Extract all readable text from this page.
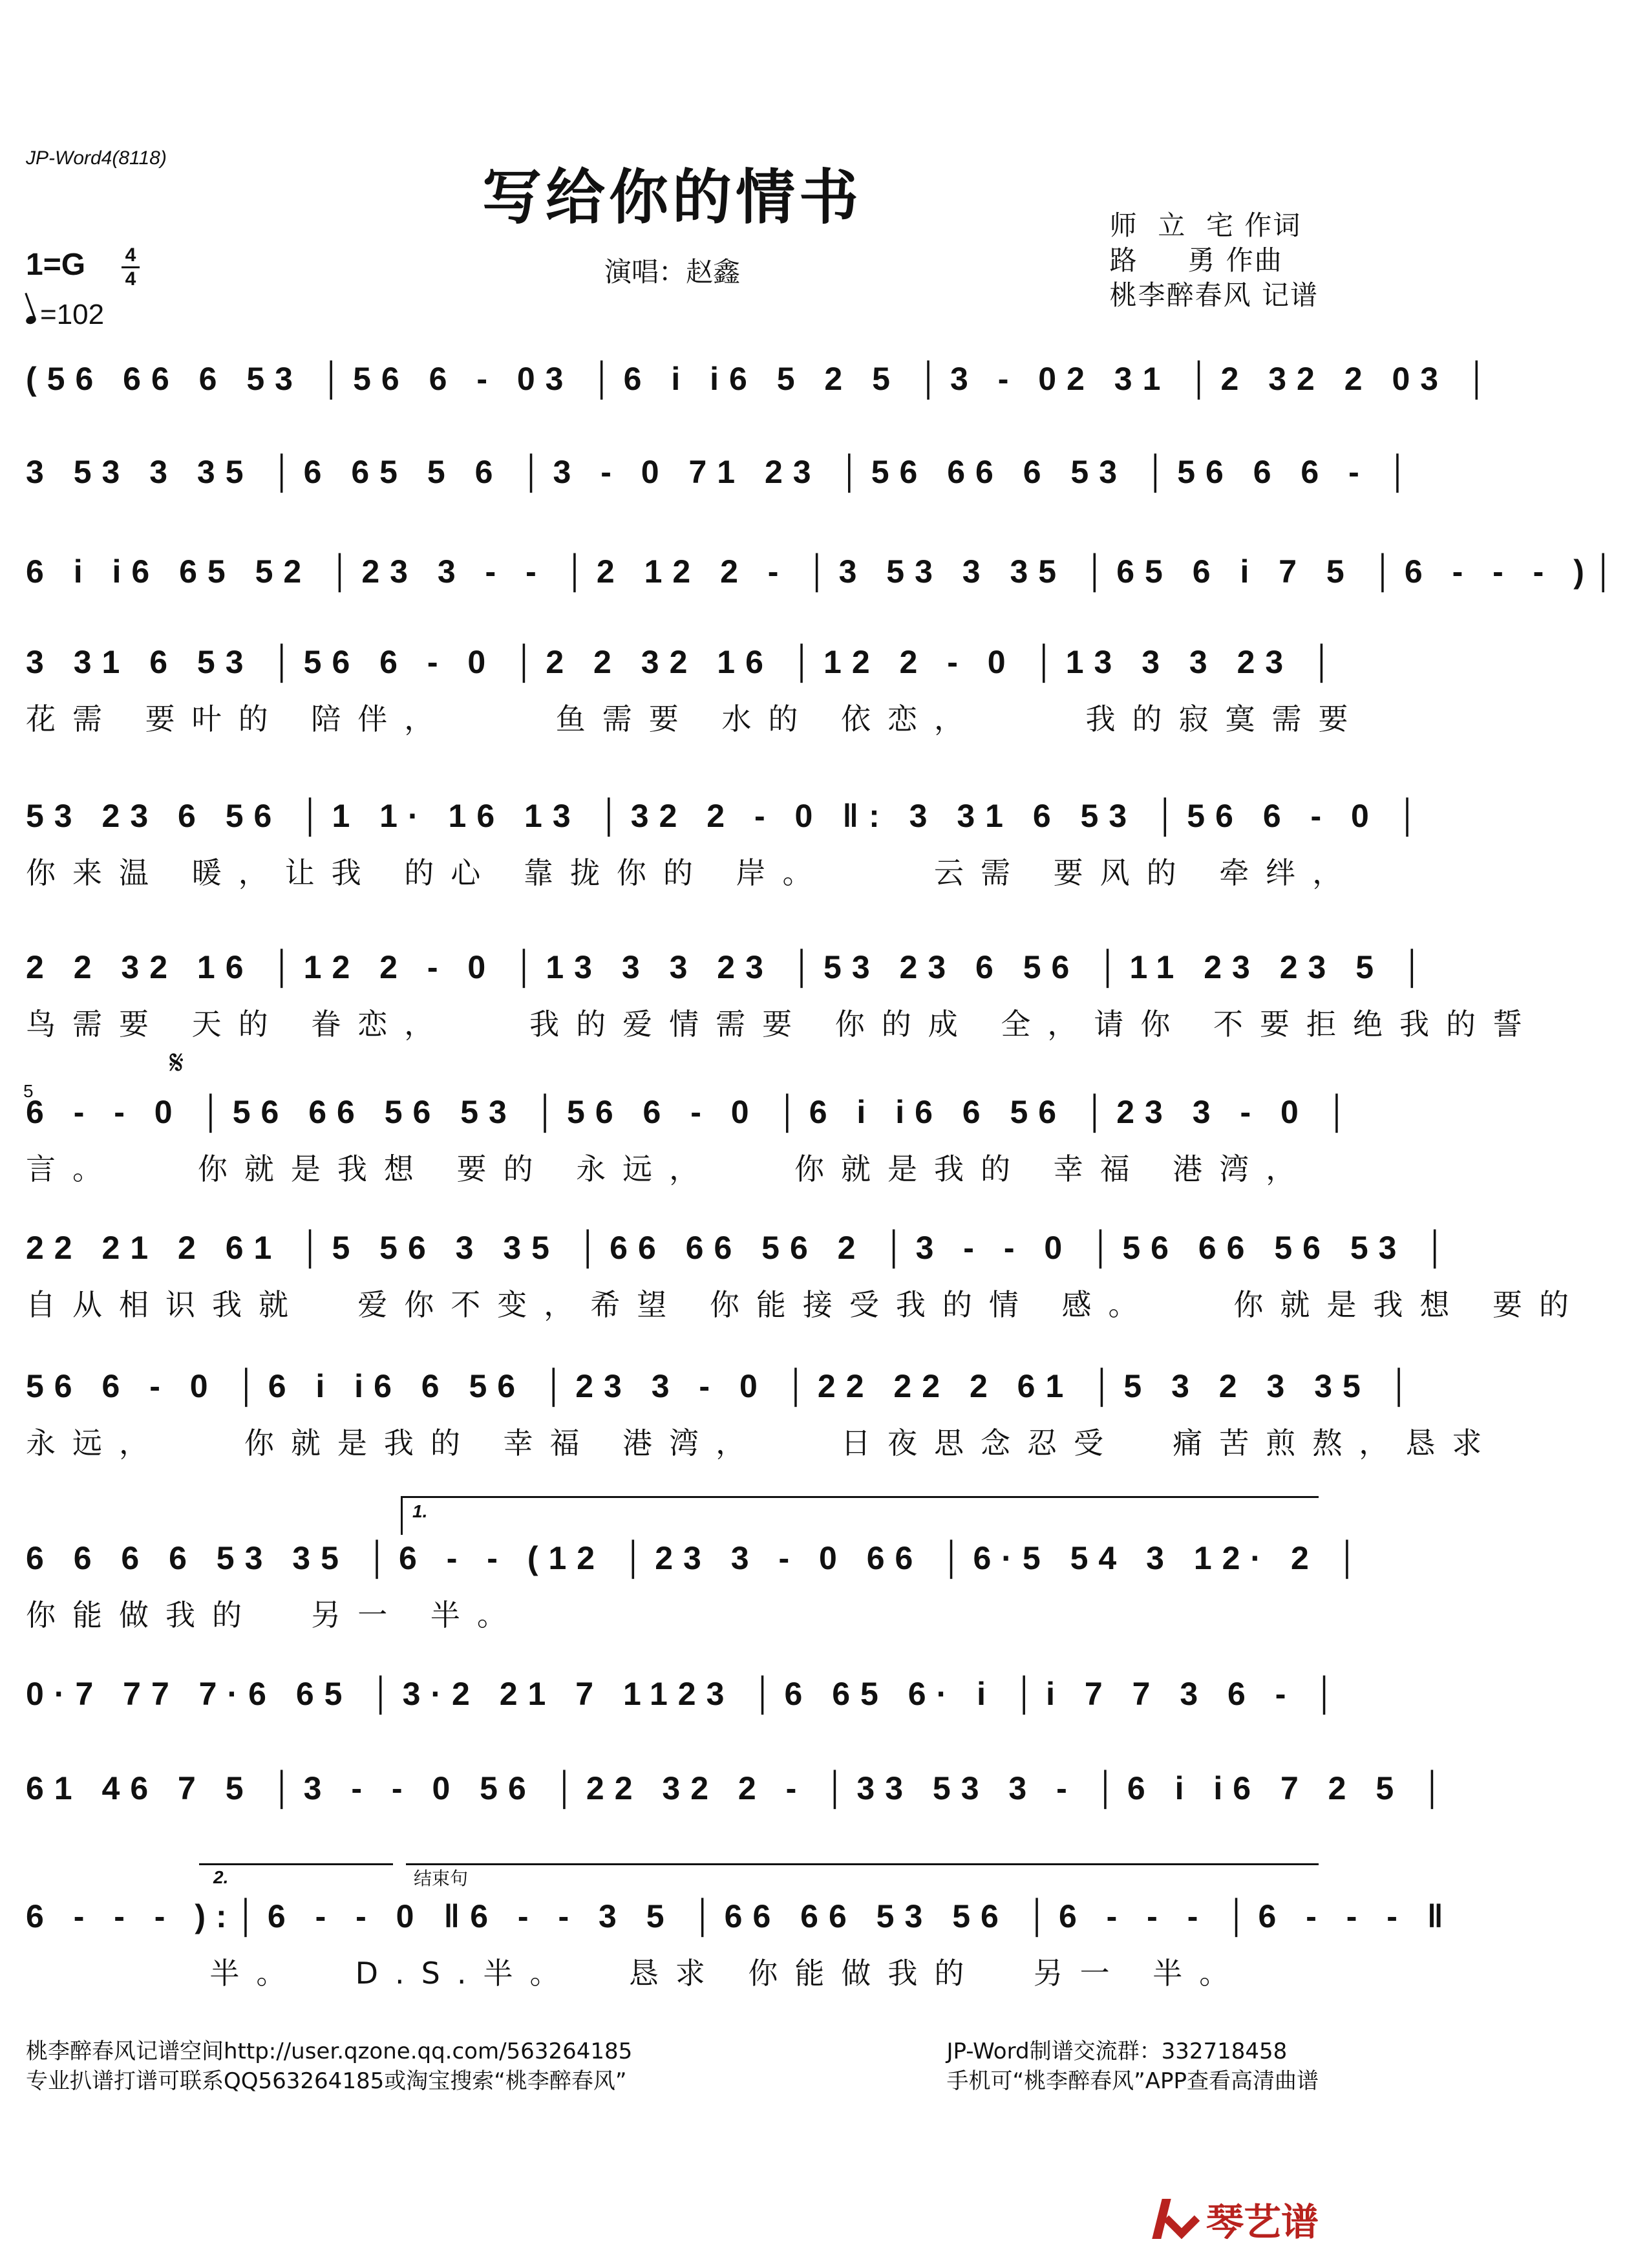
JP-Word4(8118)
写给你的情书
1=G 4
4
=102
演唱：赵鑫
师  立  宅 作词
路     勇 作曲
桃李醉春风 记谱
(56 66 6 53 │56 6 - 03 │6 i i6 5 2 5 │3 - 02 31 │2 32 2 03 │
3 53 3 35 │6 65 5 6 │3 - 0 71 23 │56 66 6 53 │56 6 6 - │
6 i i6 65 52 │23 3 - - │2 12 2 - │3 53 3 35 │65 6 i 7 5 │6 - - - )│
3 31 6 53 │56 6 - 0 │2 2 32 16 │12 2 - 0 │13 3 3 23 │
花需 要叶的 陪伴，    鱼需要 水的 依恋，    我的寂寞需要
53 23 6 56 │1 1· 16 13 │32 2 - 0 ‖: 3 31 6 53 │56 6 - 0 │
你来温 暖，让我 的心 靠拢你的 岸。    云需 要风的 牵绊，
2 2 32 16 │12 2 - 0 │13 3 3 23 │53 23 6 56 │11 23 23 5 │
鸟需要 天的 眷恋，   我的爱情需要 你的成 全，请你 不要拒绝我的誓
𝄋
5
6 - - 0 │56 66 56 53 │56 6 - 0 │6 i i6 6 56 │23 3 - 0 │
言。   你就是我想 要的 永远，   你就是我的 幸福 港湾，
22 21 2 61 │5 56 3 35 │66 66 56 2 │3 - - 0 │56 66 56 53 │
自从相识我就  爱你不变，希望 你能接受我的情 感。   你就是我想 要的
56 6 - 0 │6 i i6 6 56 │23 3 - 0 │22 22 2 61 │5 3 2 3 35 │
永远，   你就是我的 幸福 港湾，   日夜思念忍受  痛苦煎熬，恳求
1.
6 6 6 6 53 35 │6 - - (12 │23 3 - 0 66 │6·5 54 3 12· 2 │
你能做我的  另一 半。
0·7 77 7·6 65 │3·2 21 7 1123 │6 65 6· i │i 7 7 3 6 - │
61 46 7 5 │3 - - 0 56 │22 32 2 - │33 53 3 - │6 i i6 7 2 5 │
2.	结束句
6 - - - ):│6 - - 0 ‖6 - - 3 5 │66 66 53 56 │6 - - - │6 - - - ‖
半。  D.S.半。  恳求 你能做我的  另一 半。
桃李醉春风记谱空间http://user.qzone.qq.com/563264185
专业扒谱打谱可联系QQ563264185或淘宝搜索“桃李醉春风”
JP-Word制谱交流群：332718458
手机可“桃李醉春风”APP查看高清曲谱
琴艺谱
